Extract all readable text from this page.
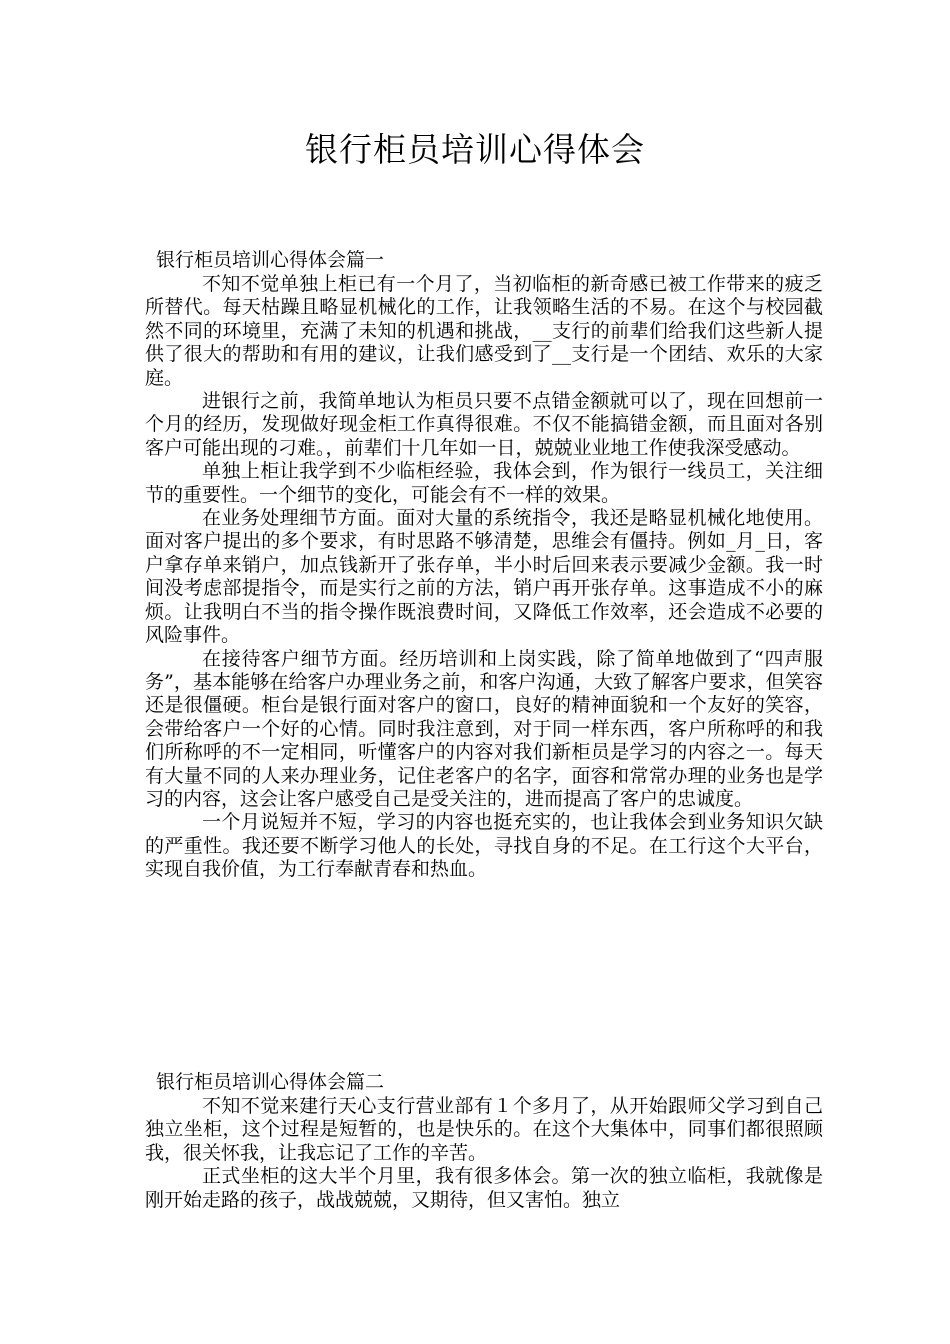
银行柜员培训心得体会
银行柜员培训心得体会篇一

不知不觉单独上柜已有一个月了，当初临柜的新奇感已被工作带来的疲乏所替代。每天枯躁且略显机械化的工作，让我领略生活的不易。在这个与校园截然不同的环境里，充满了未知的机遇和挑战，__支行的前辈们给我们这些新人提供了很大的帮助和有用的建议，让我们感受到了__支行是一个团结、欢乐的大家庭。

进银行之前，我简单地认为柜员只要不点错金额就可以了，现在回想前一个月的经历，发现做好现金柜工作真得很难。不仅不能搞错金额，而且面对各别客户可能出现的刁难。，前辈们十几年如一日，兢兢业业地工作使我深受感动。

单独上柜让我学到不少临柜经验，我体会到，作为银行一线员工，关注细节的重要性。一个细节的变化，可能会有不一样的效果。

在业务处理细节方面。面对大量的系统指令，我还是略显机械化地使用。面对客户提出的多个要求，有时思路不够清楚，思维会有僵持。例如_月_日，客户拿存单来销户，加点钱新开了张存单，半小时后回来表示要减少金额。我一时间没考虑部提指令，而是实行之前的方法，销户再开张存单。这事造成不小的麻烦。让我明白不当的指令操作既浪费时间，又降低工作效率，还会造成不必要的风险事件。

在接待客户细节方面。经历培训和上岗实践，除了简单地做到了“四声服务”，基本能够在给客户办理业务之前，和客户沟通，大致了解客户要求，但笑容还是很僵硬。柜台是银行面对客户的窗口，良好的精神面貌和一个友好的笑容，会带给客户一个好的心情。同时我注意到，对于同一样东西，客户所称呼的和我们所称呼的不一定相同，听懂客户的内容对我们新柜员是学习的内容之一。每天有大量不同的人来办理业务，记住老客户的名字，面容和常常办理的业务也是学习的内容，这会让客户感受自己是受关注的，进而提高了客户的忠诚度。

一个月说短并不短，学习的内容也挺充实的，也让我体会到业务知识欠缺的严重性。我还要不断学习他人的长处，寻找自身的不足。在工行这个大平台，实现自我价值，为工行奉献青春和热血。

银行柜员培训心得体会篇二

不知不觉来建行天心支行营业部有１个多月了，从开始跟师父学习到自己独立坐柜，这个过程是短暂的，也是快乐的。在这个大集体中，同事们都很照顾我，很关怀我，让我忘记了工作的辛苦。

正式坐柜的这大半个月里，我有很多体会。第一次的独立临柜，我就像是刚开始走路的孩子，战战兢兢，又期待，但又害怕。独立
